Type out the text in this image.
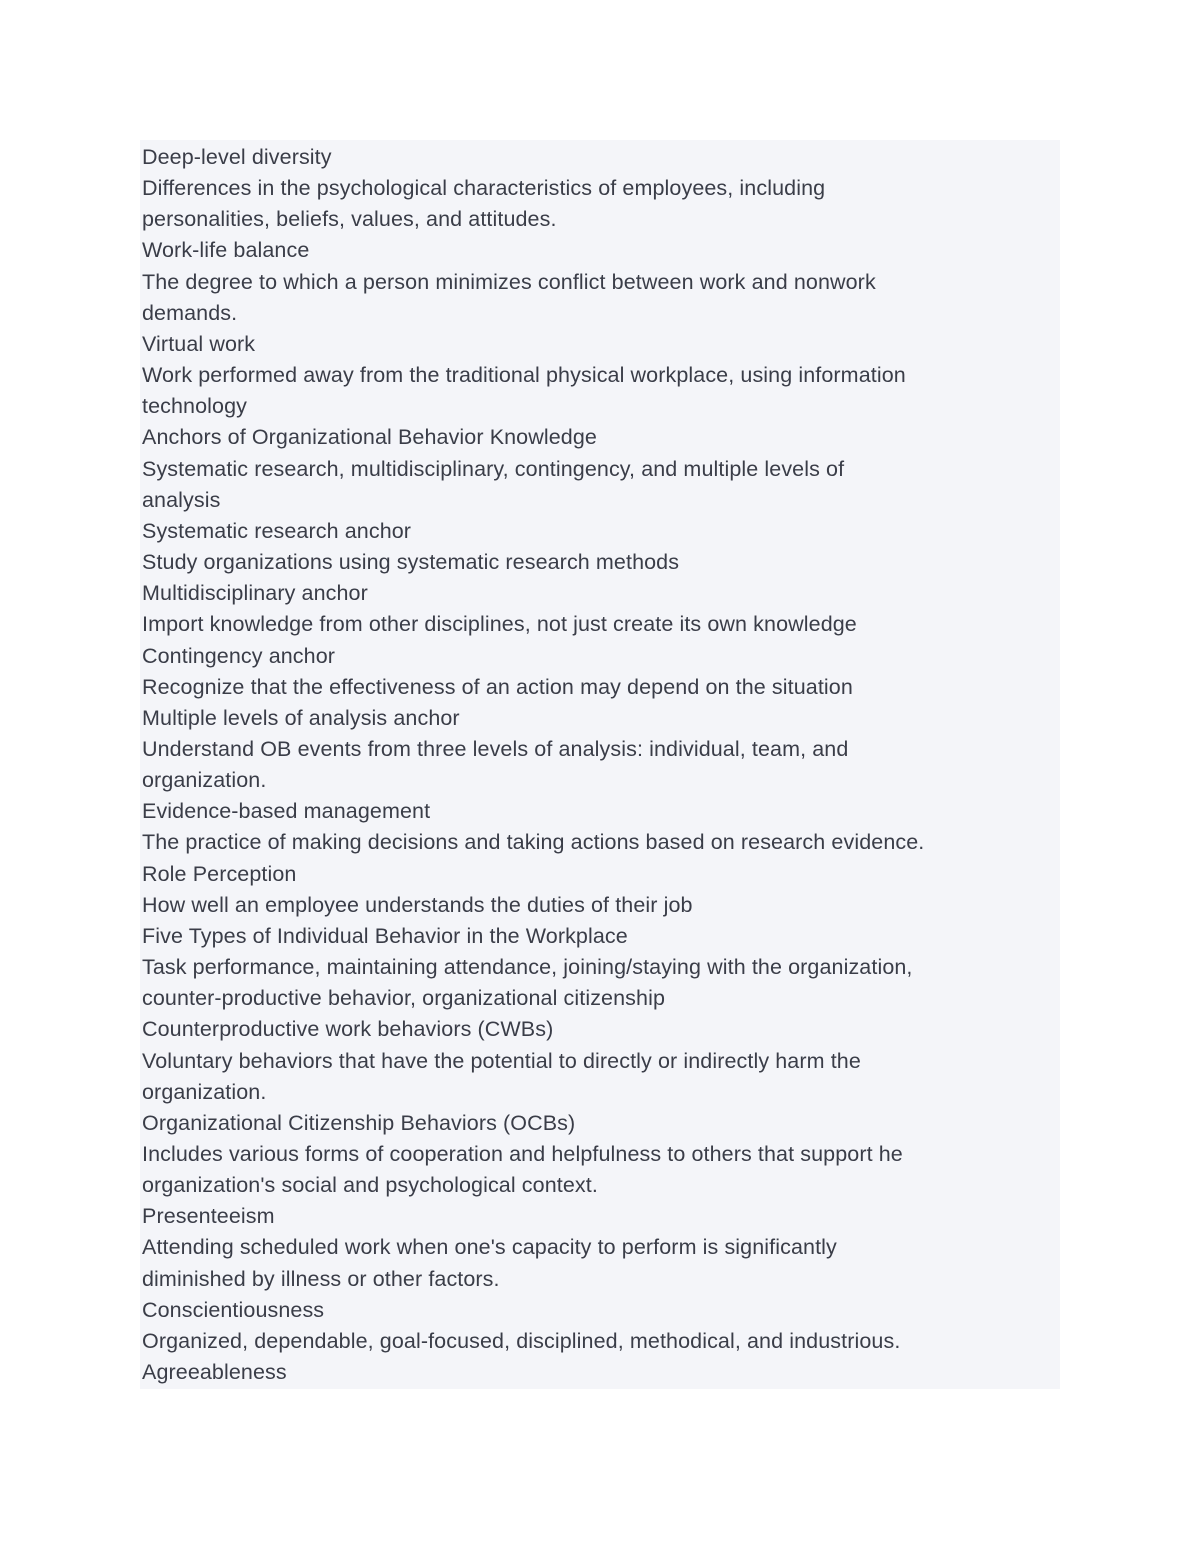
Deep-level diversity
Differences in the psychological characteristics of employees, including
personalities, beliefs, values, and attitudes.
Work-life balance
The degree to which a person minimizes conflict between work and nonwork
demands.
Virtual work
Work performed away from the traditional physical workplace, using information
technology
Anchors of Organizational Behavior Knowledge
Systematic research, multidisciplinary, contingency, and multiple levels of
analysis
Systematic research anchor
Study organizations using systematic research methods
Multidisciplinary anchor
Import knowledge from other disciplines, not just create its own knowledge
Contingency anchor
Recognize that the effectiveness of an action may depend on the situation
Multiple levels of analysis anchor
Understand OB events from three levels of analysis: individual, team, and
organization.
Evidence-based management
The practice of making decisions and taking actions based on research evidence.
Role Perception
How well an employee understands the duties of their job
Five Types of Individual Behavior in the Workplace
Task performance, maintaining attendance, joining/staying with the organization,
counter-productive behavior, organizational citizenship
Counterproductive work behaviors (CWBs)
Voluntary behaviors that have the potential to directly or indirectly harm the
organization.
Organizational Citizenship Behaviors (OCBs)
Includes various forms of cooperation and helpfulness to others that support he
organization's social and psychological context.
Presenteeism
Attending scheduled work when one's capacity to perform is significantly
diminished by illness or other factors.
Conscientiousness
Organized, dependable, goal-focused, disciplined, methodical, and industrious.
Agreeableness
